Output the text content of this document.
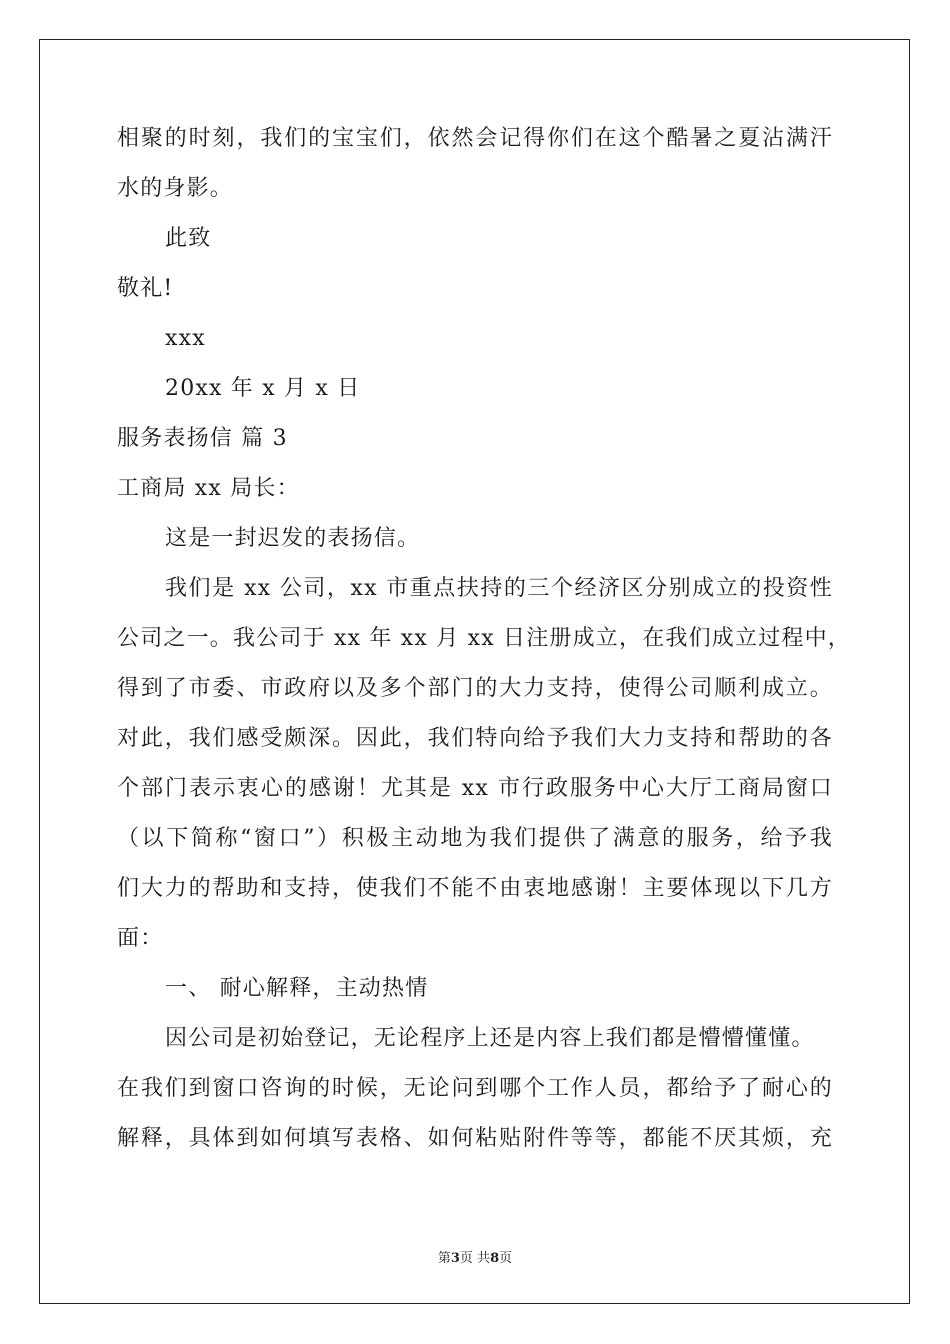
相聚的时刻，我们的宝宝们，依然会记得你们在这个酷暑之夏沾满汗
水的身影。
此致
敬礼!
xxx
20xx 年 x 月 x 日
服务表扬信 篇 3
工商局 xx 局长：
这是一封迟发的表扬信。
我们是 xx 公司，xx 市重点扶持的三个经济区分别成立的投资性
公司之一。我公司于 xx 年 xx 月 xx 日注册成立，在我们成立过程中，
得到了市委、市政府以及多个部门的大力支持，使得公司顺利成立。
对此，我们感受颇深。因此，我们特向给予我们大力支持和帮助的各
个部门表示衷心的感谢！尤其是 xx 市行政服务中心大厅工商局窗口
（以下简称“窗口”）积极主动地为我们提供了满意的服务，给予我
们大力的帮助和支持，使我们不能不由衷地感谢！主要体现以下几方
面：
一、 耐心解释，主动热情
因公司是初始登记，无论程序上还是内容上我们都是懵懵懂懂。
在我们到窗口咨询的时候，无论问到哪个工作人员，都给予了耐心的
解释，具体到如何填写表格、如何粘贴附件等等，都能不厌其烦，充
第3页 共8页
